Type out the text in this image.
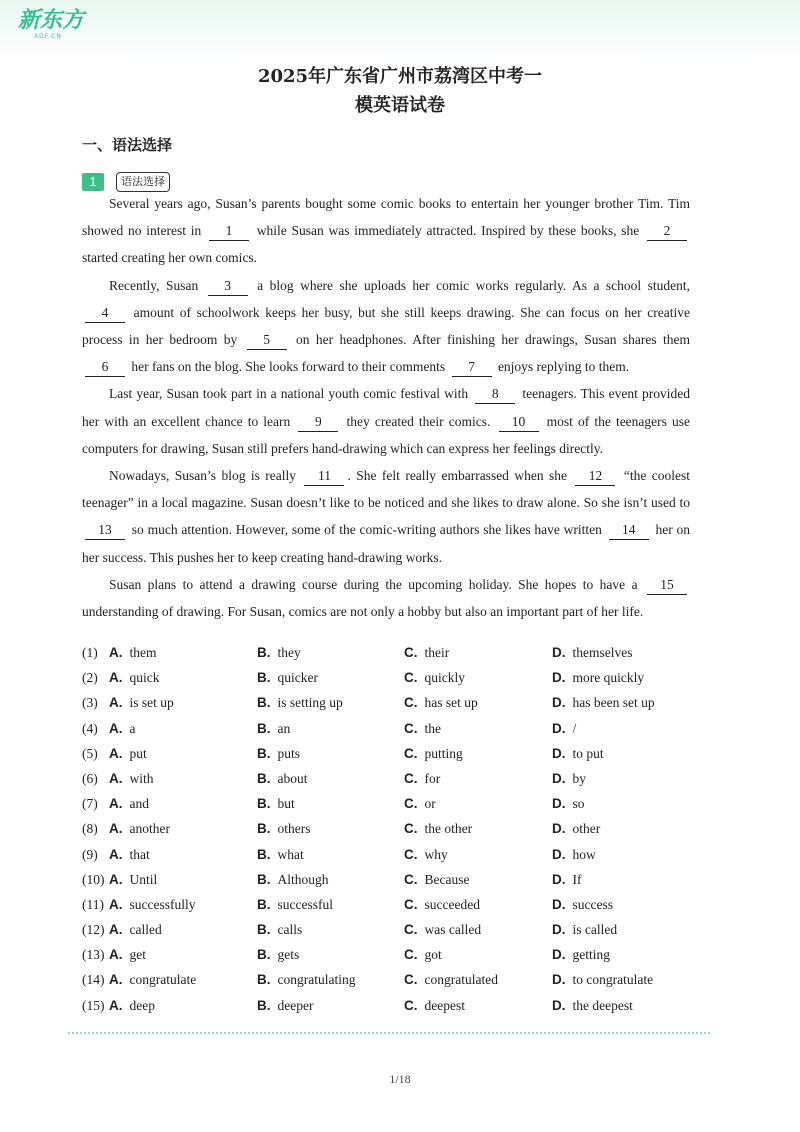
新东方
XDF.CN
2025年广东省广州市荔湾区中考一
模英语试卷
一、语法选择
1	语法选择

Several years ago, Susan’s parents bought some comic books to entertain her younger brother Tim. Tim showed no interest in 1 while Susan was immediately attracted. Inspired by these books, she 2 started creating her own comics.

Recently, Susan 3 a blog where she uploads her comic works regularly. As a school student, 4 amount of schoolwork keeps her busy, but she still keeps drawing. She can focus on her creative process in her bedroom by 5 on her headphones. After finishing her drawings, Susan shares them 6 her fans on the blog. She looks forward to their comments 7 enjoys replying to them.

Last year, Susan took part in a national youth comic festival with 8 teenagers. This event provided her with an excellent chance to learn 9 they created their comics. 10 most of the teenagers use computers for drawing, Susan still prefers hand-drawing which can express her feelings directly.

Nowadays, Susan’s blog is really 11 . She felt really embarrassed when she 12 “the coolest teenager” in a local magazine. Susan doesn’t like to be noticed and she likes to draw alone. So she isn’t used to 13 so much attention. However, some of the comic-writing authors she likes have written 14 her on her success. This pushes her to keep creating hand-drawing works.

Susan plans to attend a drawing course during the upcoming holiday. She hopes to have a 15 understanding of drawing. For Susan, comics are not only a hobby but also an important part of her life.

(1) A. them	B. they	C. their	D. themselves
(2) A. quick	B. quicker	C. quickly	D. more quickly
(3) A. is set up	B. is setting up	C. has set up	D. has been set up
(4) A. a	B. an	C. the	D. /
(5) A. put	B. puts	C. putting	D. to put
(6) A. with	B. about	C. for	D. by
(7) A. and	B. but	C. or	D. so
(8) A. another	B. others	C. the other	D. other
(9) A. that	B. what	C. why	D. how
(10) A. Until	B. Although	C. Because	D. If
(11) A. successfully	B. successful	C. succeeded	D. success
(12) A. called	B. calls	C. was called	D. is called
(13) A. get	B. gets	C. got	D. getting
(14) A. congratulate	B. congratulating	C. congratulated	D. to congratulate
(15) A. deep	B. deeper	C. deepest	D. the deepest
1/18
